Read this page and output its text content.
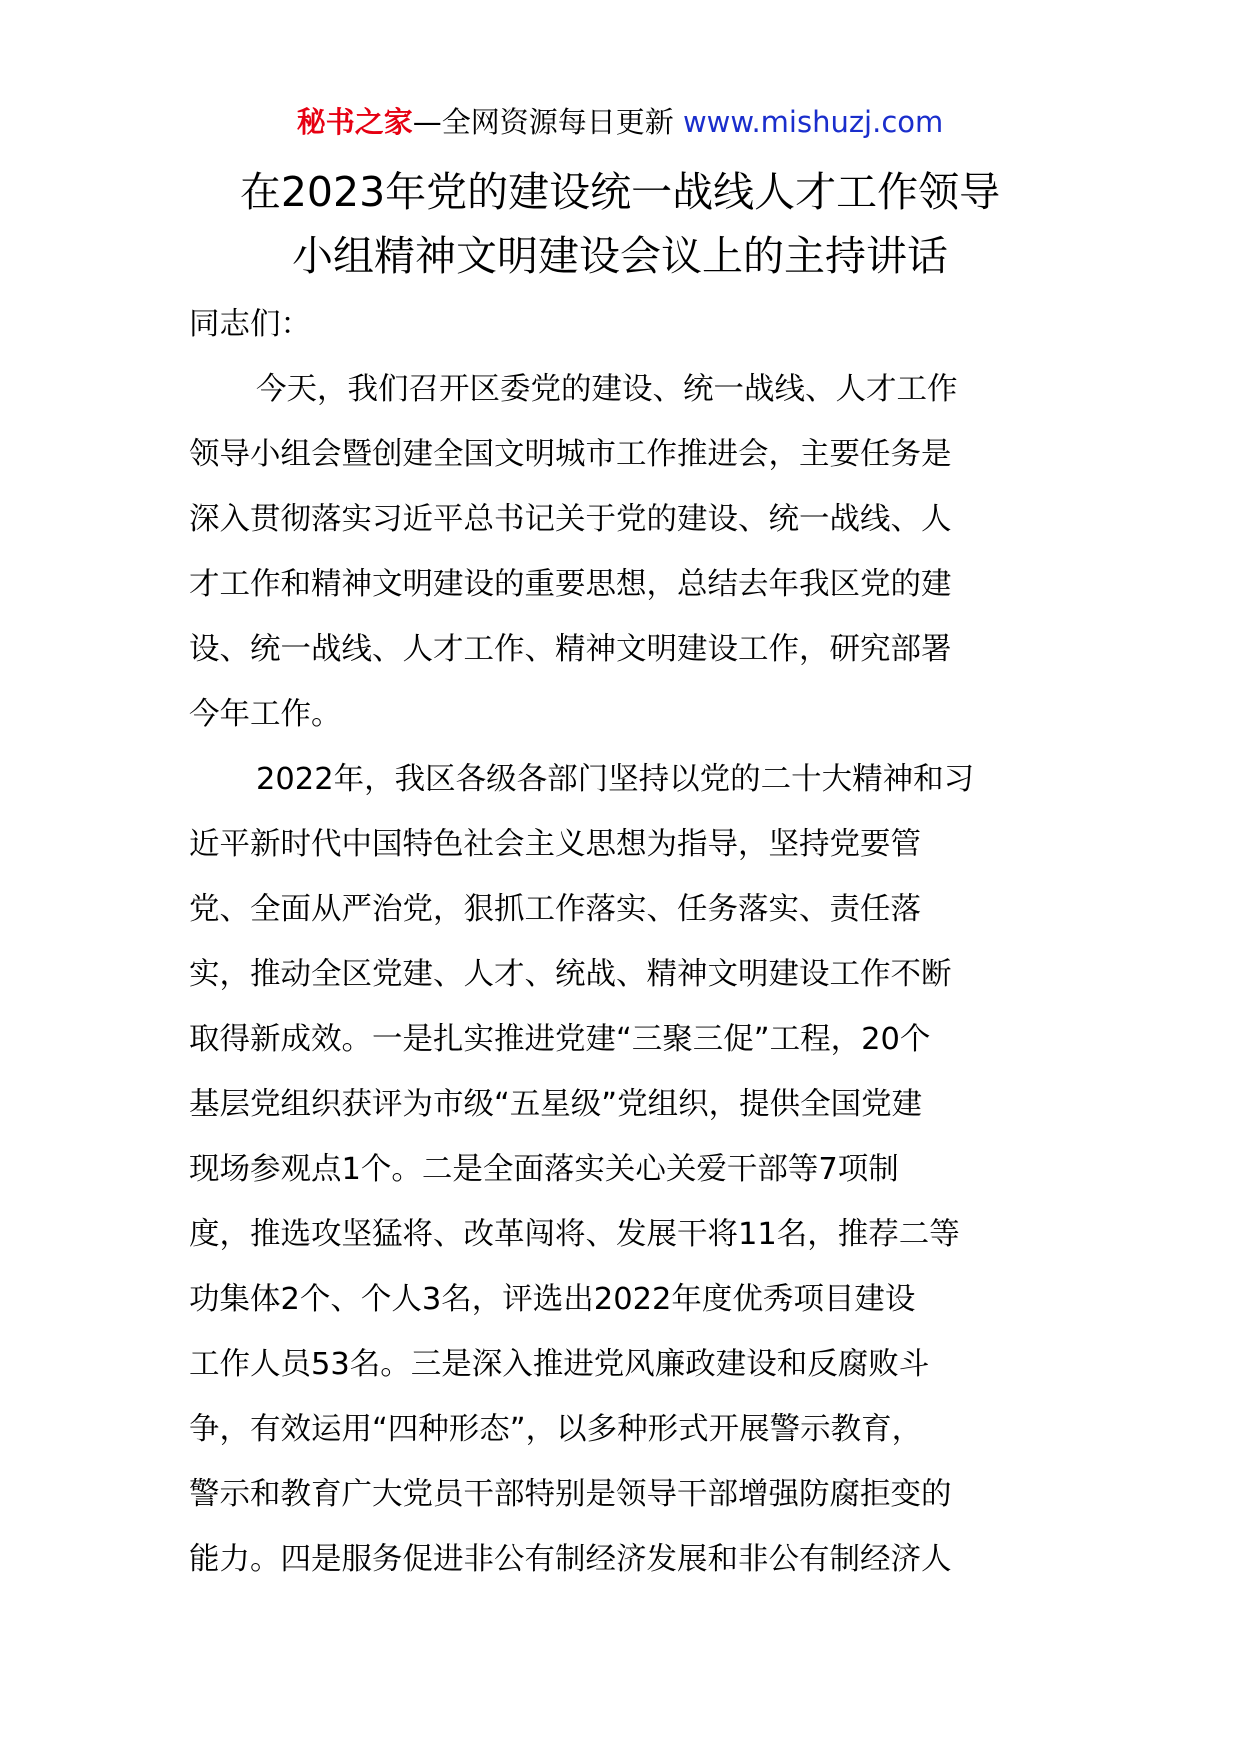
秘书之家—全网资源每日更新 www.mishuzj.com
在2023年党的建设统一战线人才工作领导
小组精神文明建设会议上的主持讲话
同志们：
今天，我们召开区委党的建设、统一战线、人才工作
领导小组会暨创建全国文明城市工作推进会，主要任务是
深入贯彻落实习近平总书记关于党的建设、统一战线、人
才工作和精神文明建设的重要思想，总结去年我区党的建
设、统一战线、人才工作、精神文明建设工作，研究部署
今年工作。
2022年，我区各级各部门坚持以党的二十大精神和习
近平新时代中国特色社会主义思想为指导，坚持党要管
党、全面从严治党，狠抓工作落实、任务落实、责任落
实，推动全区党建、人才、统战、精神文明建设工作不断
取得新成效。一是扎实推进党建“三聚三促”工程，20个
基层党组织获评为市级“五星级”党组织，提供全国党建
现场参观点1个。二是全面落实关心关爱干部等7项制
度，推选攻坚猛将、改革闯将、发展干将11名，推荐二等
功集体2个、个人3名，评选出2022年度优秀项目建设
工作人员53名。三是深入推进党风廉政建设和反腐败斗
争，有效运用“四种形态”，以多种形式开展警示教育，
警示和教育广大党员干部特别是领导干部增强防腐拒变的
能力。四是服务促进非公有制经济发展和非公有制经济人
